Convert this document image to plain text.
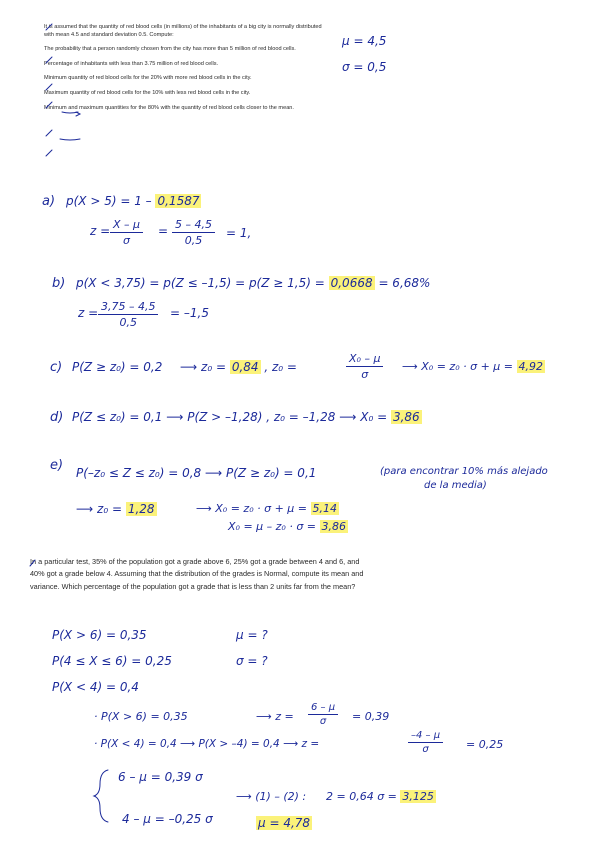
It is assumed that the quantity of red blood cells (in millions) of the inhabitants of a big city is normally distributed with mean 4.5 and standard deviation 0.5. Compute:
The probability that a person randomly chosen from the city has more than 5 million of red blood cells.
Percentage of inhabitants with less than 3.75 million of red blood cells.
Minimum quantity of red blood cells for the 20% with more red blood cells in the city.
Maximum quantity of red blood cells for the 10% with less red blood cells in the city.
Minimum and maximum quantities for the 80% with the quantity of red blood cells closer to the mean.
μ = 4,5
σ = 0,5
a) p(X > 5) = 1 – 0,1587
$z = \frac{X - \mu}{\sigma} = \frac{5 - 4,5}{0,5} = 1$,
b) p(X < 3,75) = p(Z ≤ –1,5) = p(Z ≥ 1,5) = 0,0668 = 6,68%
$z = \frac{3,75 - 4,5}{0,5} = -1,5$
c) P(Z ≥ z₀) = 0,2 ⟶ z₀ = 0,84 , z₀ =	$\frac{\text{X₀ – μ}}{\sigma}$ ⟶ X₀ = z₀ · σ + μ = 4,92
d) P(Z ≤ z₀) = 0,1 ⟶ P(Z > –1,28) , z₀ = –1,28 ⟶ X₀ = 3,86
e) P(–z₀ ≤ Z ≤ z₀) = 0,8 ⟶ P(Z ≥ z₀) = 0,1	(para encontrar 10% más alejado
de la media)
⟶ z₀ = 1,28	⟶ X₀ = z₀ · σ + μ = 5,14
X₀ = μ – z₀ · σ = 3,86
In a particular test, 35% of the population got a grade above 6, 25% got a grade between 4 and 6, and 40% got a grade below 4. Assuming that the distribution of the grades is Normal, compute its mean and variance. Which percentage of the population got a grade that is less than 2 units far from the mean?
P(X > 6) = 0,35
P(4 ≤ X ≤ 6) = 0,25
P(X < 4) = 0,4
μ = ?
σ = ?
· P(X > 6) = 0,35	⟶ $z = \frac{6 - \mu}{\sigma} = 0,39$
· P(X < 4) = 0,4 ⟶ P(X > –4) = 0,4 ⟶ z =	$\frac{-4 - \mu}{\sigma} = 0,25$
6 – μ = 0,39 σ
4 – μ = –0,25 σ
⟶ (1) – (2) : 2 = 0,64 σ = 3,125
μ = 4,78
